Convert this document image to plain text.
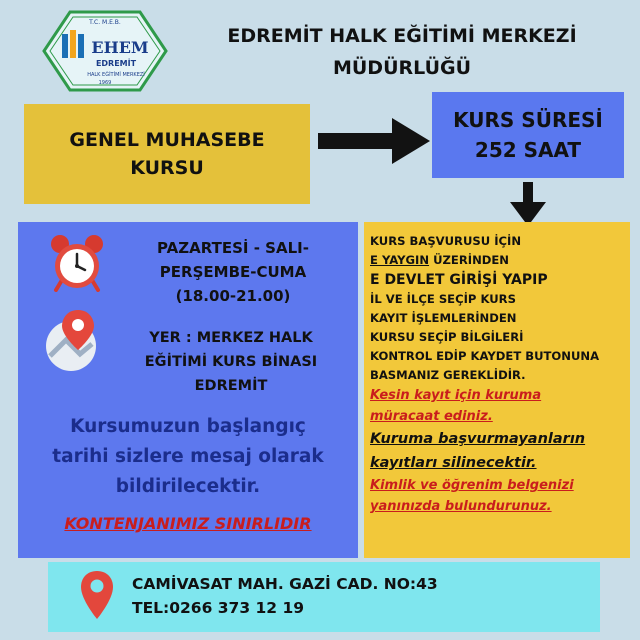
T.C. M.E.B.
EHEM
EDREMİT
HALK EĞİTİMİ MERKEZİ
1969
EDREMİT HALK EĞİTİMİ MERKEZİ
MÜDÜRLÜĞÜ
GENEL MUHASEBE
KURSU
KURS SÜRESİ
252 SAAT
PAZARTESİ - SALI-
PERŞEMBE-CUMA
(18.00-21.00)
YER : MERKEZ HALK
EĞİTİMİ KURS BİNASI
EDREMİT
Kursumuzun başlangıç
tarihi sizlere mesaj olarak
bildirilecektir.
KONTENJANIMIZ SINIRLIDIR
KURS BAŞVURUSU İÇİN
E YAYGIN ÜZERİNDEN
E DEVLET GİRİŞİ YAPIP
İL VE İLÇE SEÇİP KURS
KAYIT İŞLEMLERİNDEN
KURSU SEÇİP BİLGİLERİ
KONTROL EDİP KAYDET BUTONUNA
BASMANIZ GEREKLİDİR.
Kesin kayıt için kuruma
müracaat ediniz.
Kuruma başvurmayanların
kayıtları silinecektir.
Kimlik ve öğrenim belgenizi
yanınızda bulundurunuz.
CAMİVASAT MAH. GAZİ CAD. NO:43
TEL:0266 373 12 19
